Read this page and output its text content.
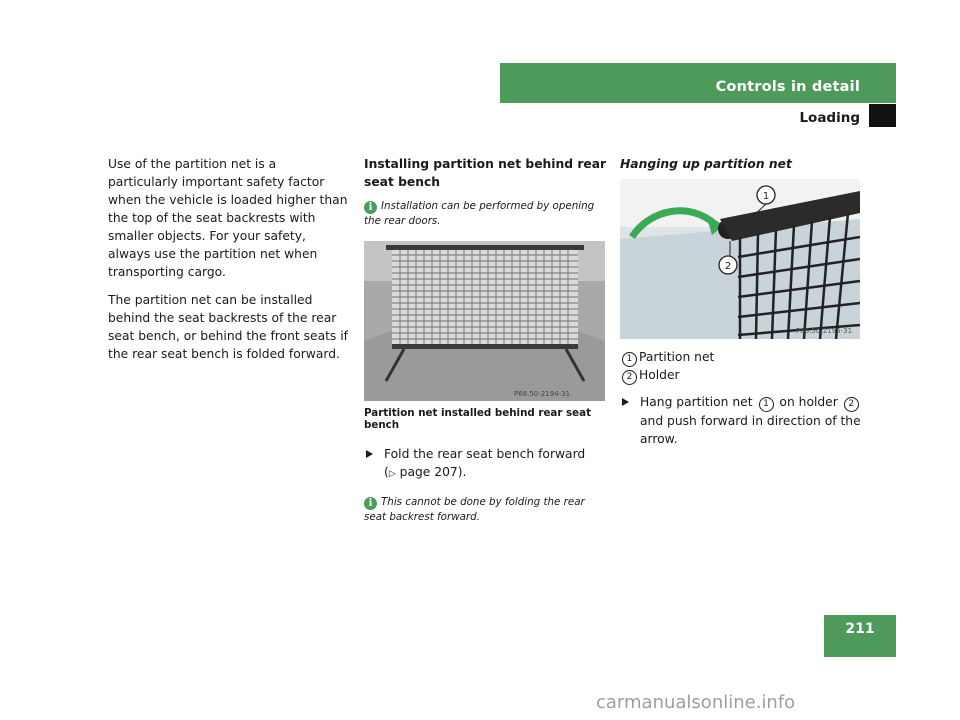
Controls in detail
Loading

Use of the partition net is a particularly important safety factor when the vehicle is loaded higher than the top of the seat backrests with smaller objects. For your safety, always use the partition net when transporting cargo.

The partition net can be installed behind the seat backrests of the rear seat bench, or behind the front seats if the rear seat bench is folded forward.

Installing partition net behind rear seat bench
i Installation can be performed by opening the rear doors.
P68.50-2194-31
Partition net installed behind rear seat bench
Fold the rear seat bench forward
(▷ page 207).
i This cannot be done by folding the rear seat backrest forward.
Hanging up partition net
1
2
P68.50-2195-31
1 Partition net
2 Holder
Hang partition net 1 on holder 2 and push forward in direction of the arrow.
211
carmanualsonline.info
